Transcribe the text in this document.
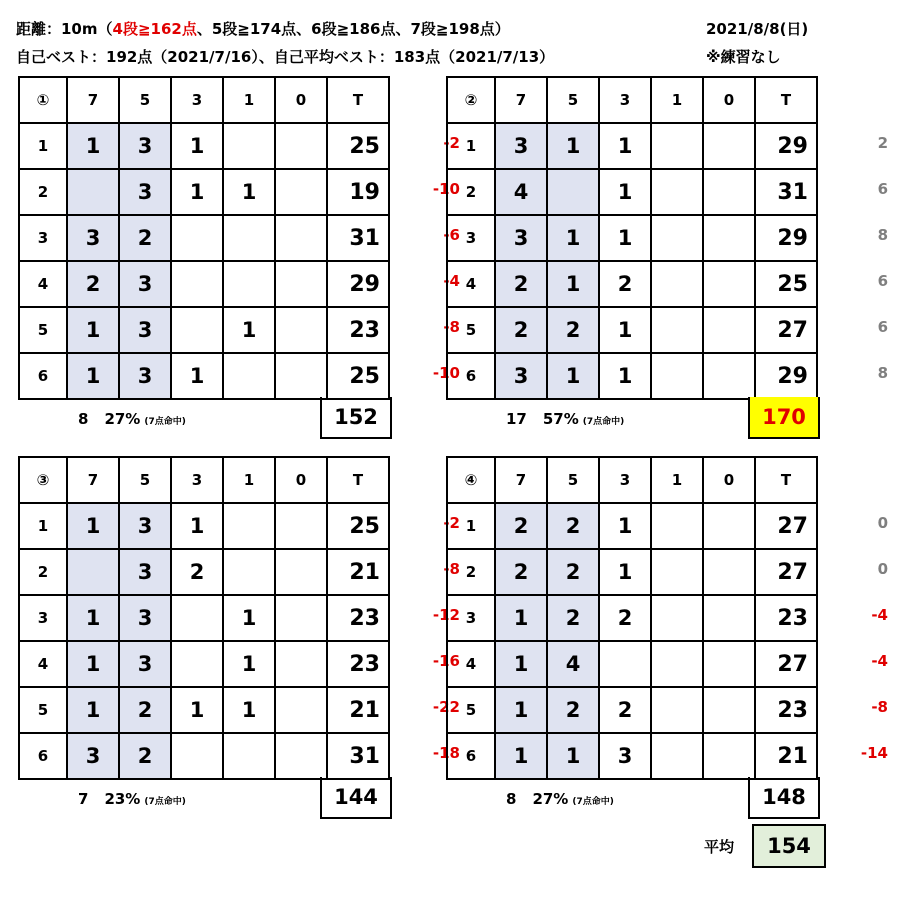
距離：10m（4段≧162点、5段≧174点、6段≧186点、7段≧198点）
自己ベスト：192点（2021/7/16）、自己平均ベスト：183点（2021/7/13）
2021/8/8(日)
※練習なし
-2
-10
-6
-4
-8
-10
①	7	5	3	1	0	T
1	1	3	1			25
2		3	1	1		19
3	3	2				31
4	2	3				29
5	1	3		1		23
6	1	3	1			25
8 27% (7点命中)	152
2
6
8
6
6
8
②	7	5	3	1	0	T
1	3	1	1			29
2	4		1			31
3	3	1	1			29
4	2	1	2			25
5	2	2	1			27
6	3	1	1			29
17 57% (7点命中)	170
-2
-8
-12
-16
-22
-18
③	7	5	3	1	0	T
1	1	3	1			25
2		3	2			21
3	1	3		1		23
4	1	3		1		23
5	1	2	1	1		21
6	3	2				31
7 23% (7点命中)	144
0
0
-4
-4
-8
-14
④	7	5	3	1	0	T
1	2	2	1			27
2	2	2	1			27
3	1	2	2			23
4	1	4				27
5	1	2	2			23
6	1	1	3			21
8 27% (7点命中)	148
平均	154
